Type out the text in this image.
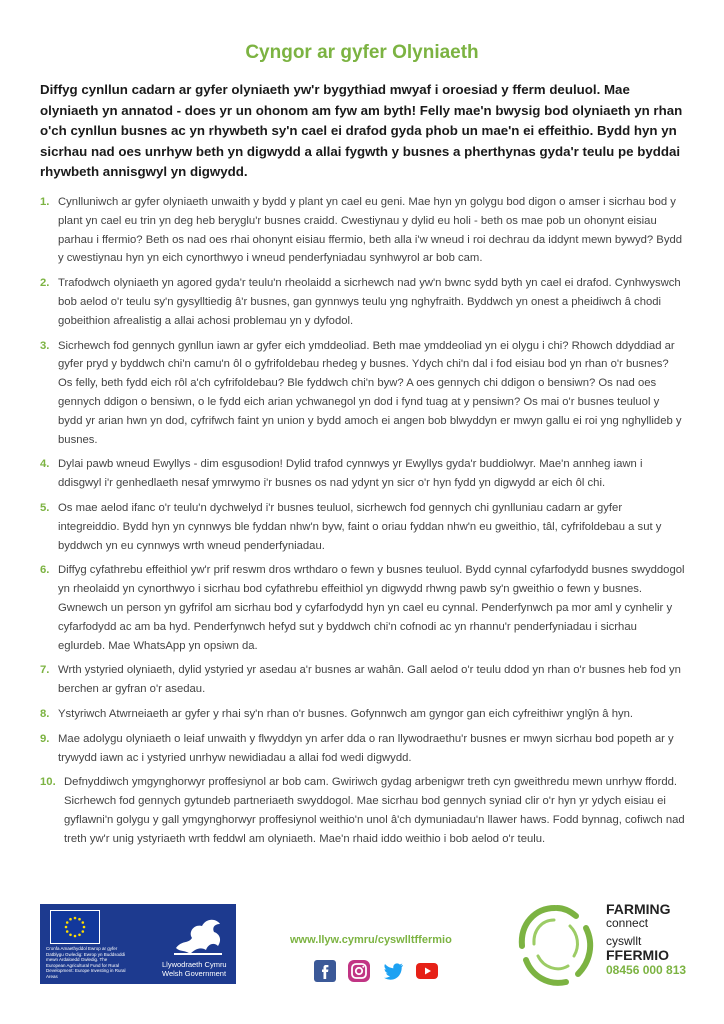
Cyngor ar gyfer Olyniaeth

Diffyg cynllun cadarn ar gyfer olyniaeth yw'r bygythiad mwyaf i oroesiad y fferm deuluol. Mae olyniaeth yn annatod - does yr un ohonom am fyw am byth! Felly mae'n bwysig bod olyniaeth yn rhan o'ch cynllun busnes ac yn rhywbeth sy'n cael ei drafod gyda phob un mae'n ei effeithio. Bydd hyn yn sicrhau nad oes unrhyw beth yn digwydd a allai fygwth y busnes a pherthynas gyda'r teulu pe byddai rhywbeth annisgwyl yn digwydd.

1. Cynlluniwch ar gyfer olyniaeth unwaith y bydd y plant yn cael eu geni. Mae hyn yn golygu bod digon o amser i sicrhau bod y plant yn cael eu trin yn deg heb beryglu'r busnes craidd. Cwestiynau y dylid eu holi - beth os mae pob un ohonynt eisiau parhau i ffermio? Beth os nad oes rhai ohonynt eisiau ffermio, beth alla i'w wneud i roi dechrau da iddynt mewn bywyd? Bydd y cwestiynau hyn yn eich cynorthwyo i wneud penderfyniadau synhwyrol ar bob cam.
2. Trafodwch olyniaeth yn agored gyda'r teulu'n rheolaidd a sicrhewch nad yw'n bwnc sydd byth yn cael ei drafod. Cynhwyswch bob aelod o'r teulu sy'n gysylltiedig â'r busnes, gan gynnwys teulu yng nghyfraith. Byddwch yn onest a pheidiwch â chodi gobeithion afrealistig a allai achosi problemau yn y dyfodol.
3. Sicrhewch fod gennych gynllun iawn ar gyfer eich ymddeoliad. Beth mae ymddeoliad yn ei olygu i chi? Rhowch ddyddiad ar gyfer pryd y byddwch chi'n camu'n ôl o gyfrifoldebau rhedeg y busnes. Ydych chi'n dal i fod eisiau bod yn rhan o'r busnes? Os felly, beth fydd eich rôl a'ch cyfrifoldebau? Ble fyddwch chi'n byw? A oes gennych chi ddigon o bensiwn? Os nad oes gennych ddigon o bensiwn, o le fydd eich arian ychwanegol yn dod i fynd tuag at y pensiwn? Os mai o'r busnes teuluol y bydd yr arian hwn yn dod, cyfrifwch faint yn union y bydd amoch ei angen bob blwyddyn er mwyn gallu ei roi yng nghyllideb y busnes.
4. Dylai pawb wneud Ewyllys - dim esgusodion! Dylid trafod cynnwys yr Ewyllys gyda'r buddiolwyr. Mae'n annheg iawn i ddisgwyl i'r genhedlaeth nesaf ymrwymo i'r busnes os nad ydynt yn sicr o'r hyn fydd yn digwydd ar eich ôl chi.
5. Os mae aelod ifanc o'r teulu'n dychwelyd i'r busnes teuluol, sicrhewch fod gennych chi gynlluniau cadarn ar gyfer integreiddio. Bydd hyn yn cynnwys ble fyddan nhw'n byw, faint o oriau fyddan nhw'n eu gweithio, tâl, cyfrifoldebau a sut y byddwch yn eu cynnwys wrth wneud penderfyniadau.
6. Diffyg cyfathrebu effeithiol yw'r prif reswm dros wrthdaro o fewn y busnes teuluol. Bydd cynnal cyfarfodydd busnes swyddogol yn rheolaidd yn cynorthwyo i sicrhau bod cyfathrebu effeithiol yn digwydd rhwng pawb sy'n gweithio o fewn y busnes. Gwnewch un person yn gyfrifol am sicrhau bod y cyfarfodydd hyn yn cael eu cynnal. Penderfynwch pa mor aml y cynhelir y cyfarfodydd ac am ba hyd. Penderfynwch hefyd sut y byddwch chi'n cofnodi ac yn rhannu'r penderfyniadau i sicrhau eglurdeb. Mae WhatsApp yn opsiwn da.
7. Wrth ystyried olyniaeth, dylid ystyried yr asedau a'r busnes ar wahân. Gall aelod o'r teulu ddod yn rhan o'r busnes heb fod yn berchen ar gyfran o'r asedau.
8. Ystyriwch Atwrneiaeth ar gyfer y rhai sy'n rhan o'r busnes. Gofynnwch am gyngor gan eich cyfreithiwr ynglŷn â hyn.
9. Mae adolygu olyniaeth o leiaf unwaith y flwyddyn yn arfer dda o ran llywodraethu'r busnes er mwyn sicrhau bod popeth ar y trywydd iawn ac i ystyried unrhyw newidiadau a allai fod wedi digwydd.
10. Defnyddiwch ymgynghorwyr proffesiynol ar bob cam. Gwiriwch gydag arbenigwr treth cyn gweithredu mewn unrhyw ffordd. Sicrhewch fod gennych gytundeb partneriaeth swyddogol. Mae sicrhau bod gennych syniad clir o'r hyn yr ydych eisiau ei gyflawni'n golygu y gall ymgynghorwyr proffesiynol weithio'n unol â'ch dymuniadau'n llawer haws. Fodd bynnag, cofiwch nad treth yw'r unig ystyriaeth wrth feddwl am olyniaeth. Mae'n rhaid iddo weithio i bob aelod o'r teulu.

Cronfa Amaethyddol Ewrop ar gyfer Datblygu Gwledig: Ewrop yn Buddsoddi mewn Ardaloedd Gwledig. The European Agricultural Fund for Rural Development: Europe Investing in Rural Areas

Llywodraeth Cymru Welsh Government

www.llyw.cymru/cyswlltffermio

FARMING
connect
cyswllt
FFERMIO
08456 000 813
